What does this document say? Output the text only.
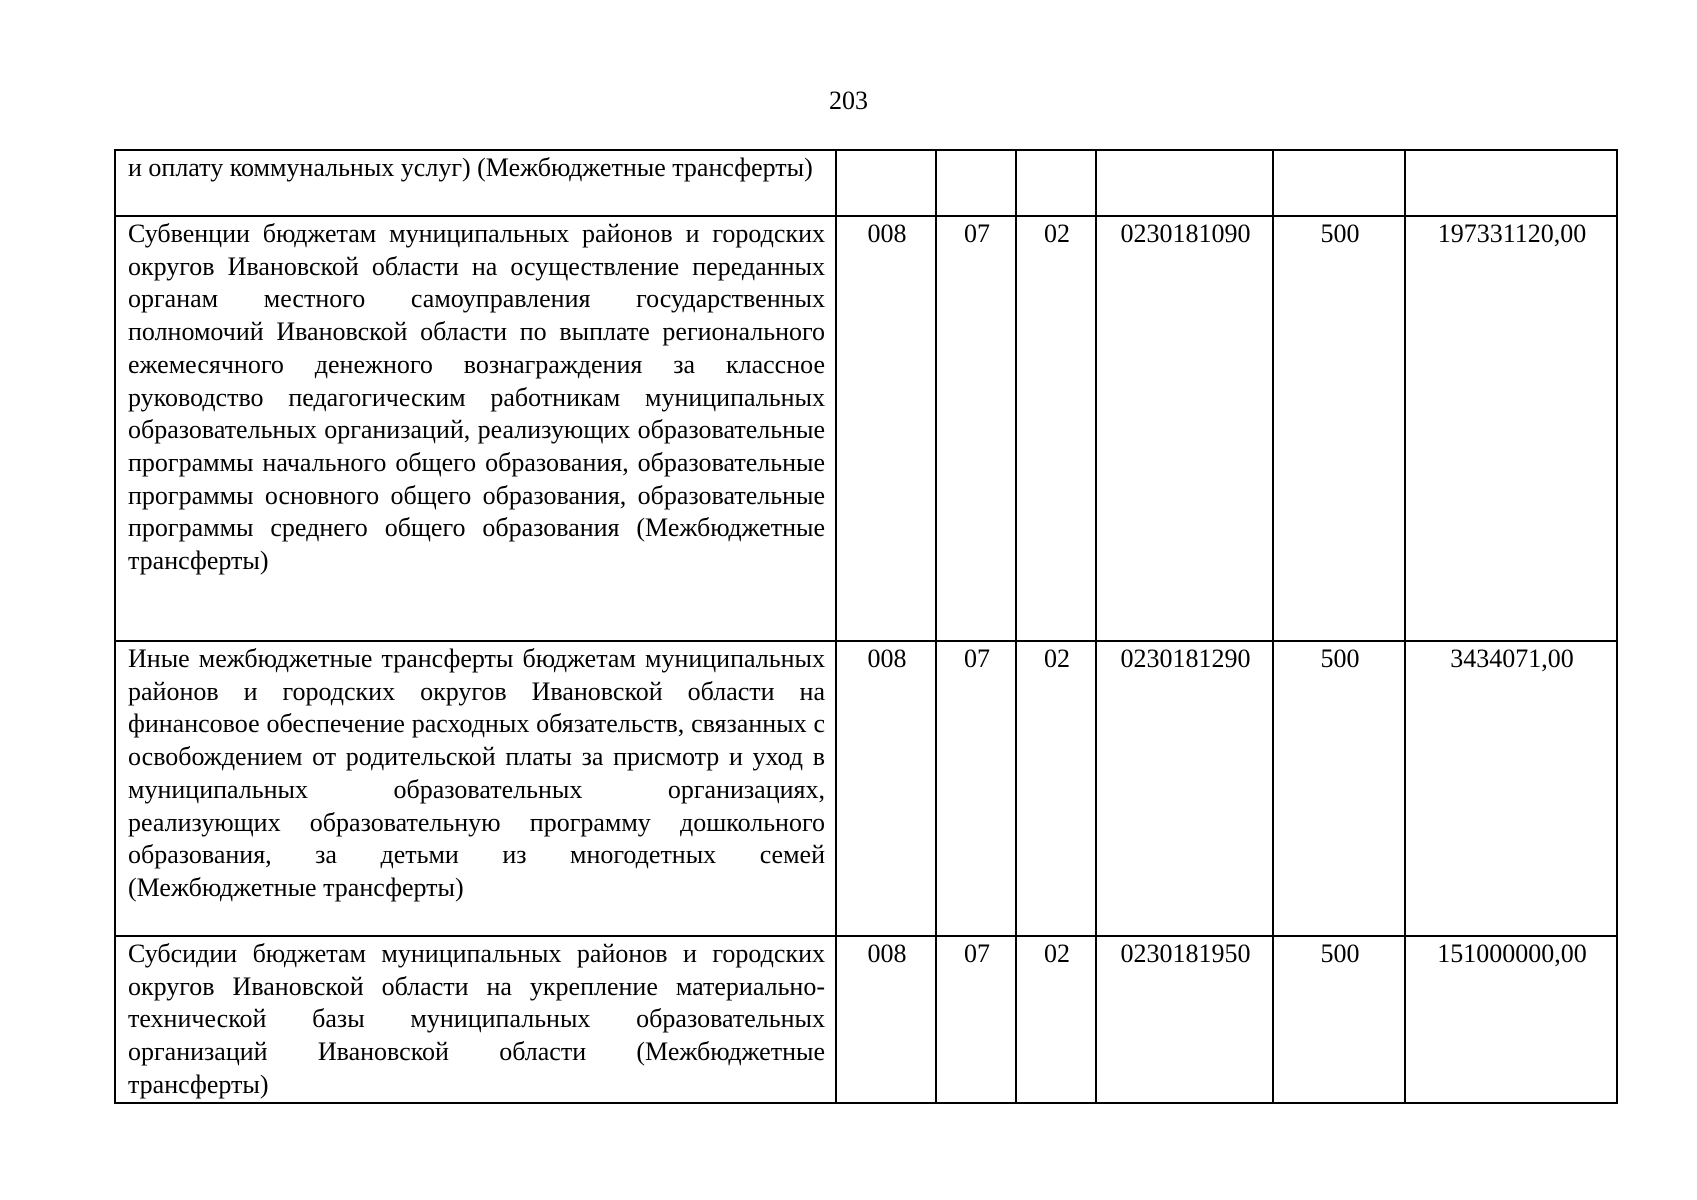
203
и оплату коммунальных услуг) (Межбюджетные трансферты)						

Субвенции бюджетам муниципальных районов и городских округов Ивановской области на осуществление переданных органам местного самоуправления государственных полномочий Ивановской области по выплате регионального ежемесячного денежного вознаграждения за классное руководство педагогическим работникам муниципальных образовательных организаций, реализующих образовательные программы начального общего образования, образовательные программы основного общего образования, образовательные программы среднего общего образования (Межбюджетные трансферты)	008	07	02	0230181090	500	197331120,00

Иные межбюджетные трансферты бюджетам муниципальных районов и городских округов Ивановской области на финансовое обеспечение расходных обязательств, связанных с освобождением от родительской платы за присмотр и уход в муниципальных образовательных организациях, реализующих образовательную программу дошкольного образования, за детьми из многодетных семей (Межбюджетные трансферты)	008	07	02	0230181290	500	3434071,00

Субсидии бюджетам муниципальных районов и городских округов Ивановской области на укрепление материально-технической базы муниципальных образовательных организаций Ивановской области (Межбюджетные трансферты)	008	07	02	0230181950	500	151000000,00
